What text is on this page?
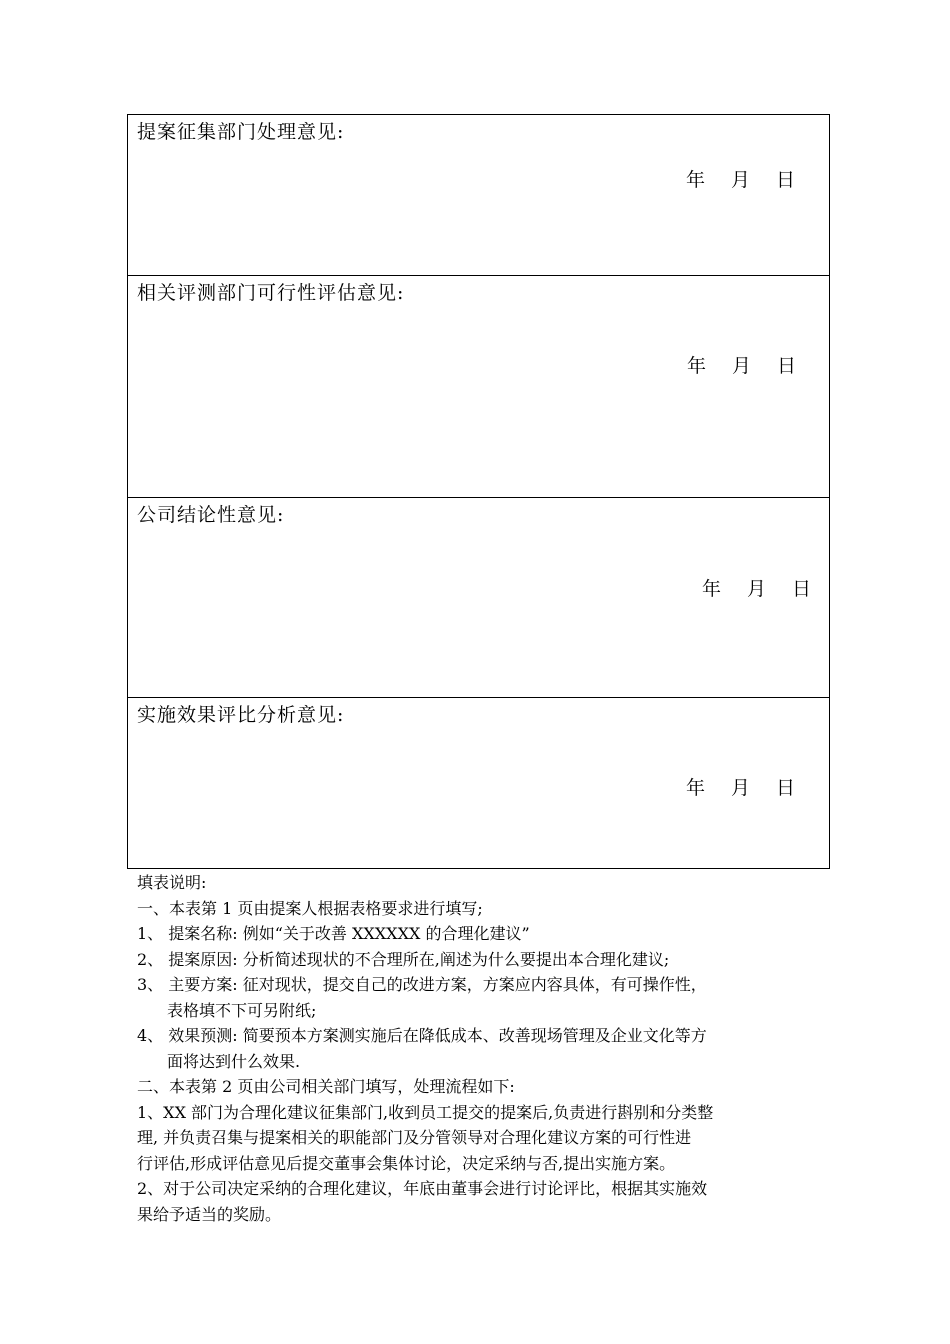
提案征集部门处理意见:
年 月 日
相关评测部门可行性评估意见:
年 月 日
公司结论性意见:
年 月 日
实施效果评比分析意见:
年 月 日
填表说明:
一、本表第 1 页由提案人根据表格要求进行填写;
1、 提案名称: 例如“关于改善 XXXXXX 的合理化建议”
2、 提案原因: 分析简述现状的不合理所在,阐述为什么要提出本合理化建议;
3、 主要方案: 征对现状，提交自己的改进方案，方案应内容具体，有可操作性，
表格填不下可另附纸;
4、 效果预测: 简要预本方案测实施后在降低成本、改善现场管理及企业文化等方
面将达到什么效果.
二、本表第 2 页由公司相关部门填写，处理流程如下:
1、XX 部门为合理化建议征集部门,收到员工提交的提案后,负责进行斟别和分类整
理, 并负责召集与提案相关的职能部门及分管领导对合理化建议方案的可行性进
行评估,形成评估意见后提交董事会集体讨论，决定采纳与否,提出实施方案。
2、对于公司决定采纳的合理化建议，年底由董事会进行讨论评比，根据其实施效
果给予适当的奖励。
